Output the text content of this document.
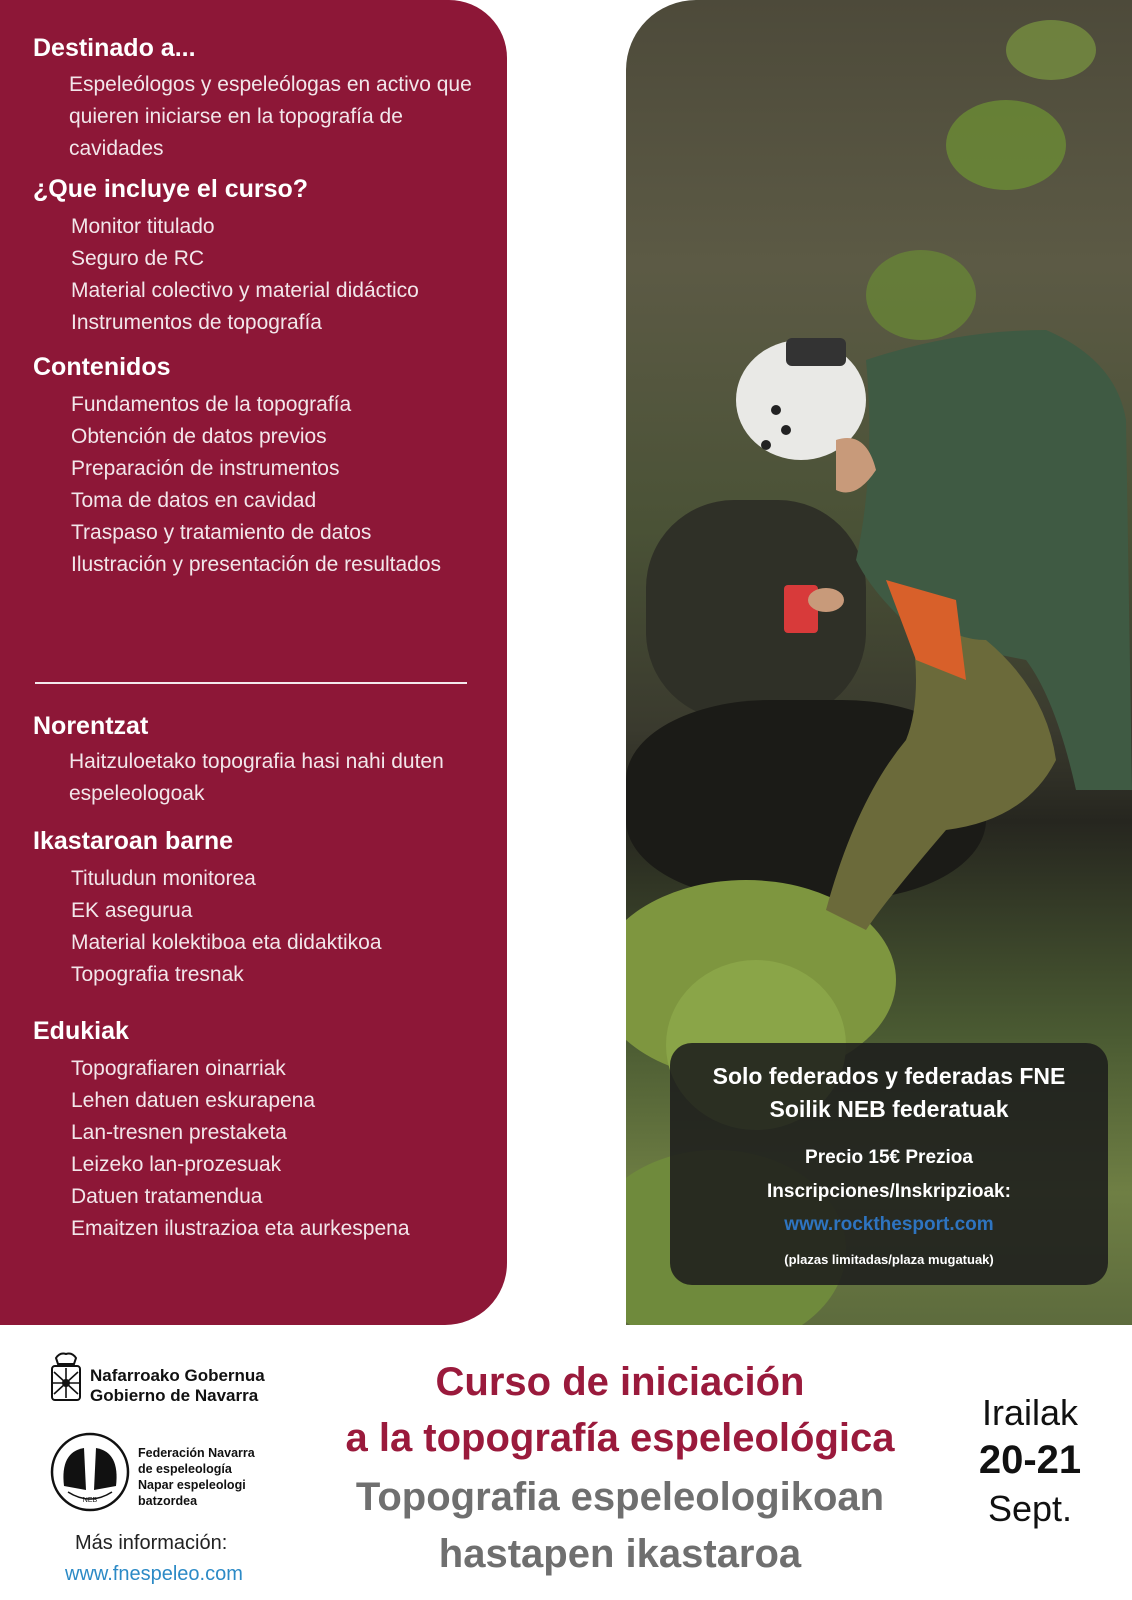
Destinado a...
Espeleólogos y espeleólogas en activo que quieren iniciarse en la topografía de cavidades
¿Que incluye el curso?
Monitor titulado
Seguro de RC
Material colectivo y material didáctico
Instrumentos de topografía
Contenidos
Fundamentos de la topografía
Obtención de datos previos
Preparación de instrumentos
Toma de datos en cavidad
Traspaso y tratamiento de datos
Ilustración y presentación de resultados
Norentzat
Haitzuloetako topografia hasi nahi duten espeleologoak
Ikastaroan barne
Tituludun monitorea
EK asegurua
Material kolektiboa eta didaktikoa
Topografia tresnak
Edukiak
Topografiaren oinarriak
Lehen datuen eskurapena
Lan-tresnen prestaketa
Leizeko lan-prozesuak
Datuen tratamendua
Emaitzen ilustrazioa eta aurkespena
Solo federados y federadas FNE
Soilik NEB federatuak
Precio 15€ Prezioa
Inscripciones/Inskripzioak:
www.rockthesport.com
(plazas limitadas/plaza mugatuak)
Nafarroako Gobernua
Gobierno de Navarra
NEB
Federación Navarra
de espeleología
Napar espeleologi
batzordea
Más información:
www.fnespeleo.com
Curso de iniciación
a la topografía espeleológica
Topografia espeleologikoan
hastapen ikastaroa
Irailak
20-21
Sept.
